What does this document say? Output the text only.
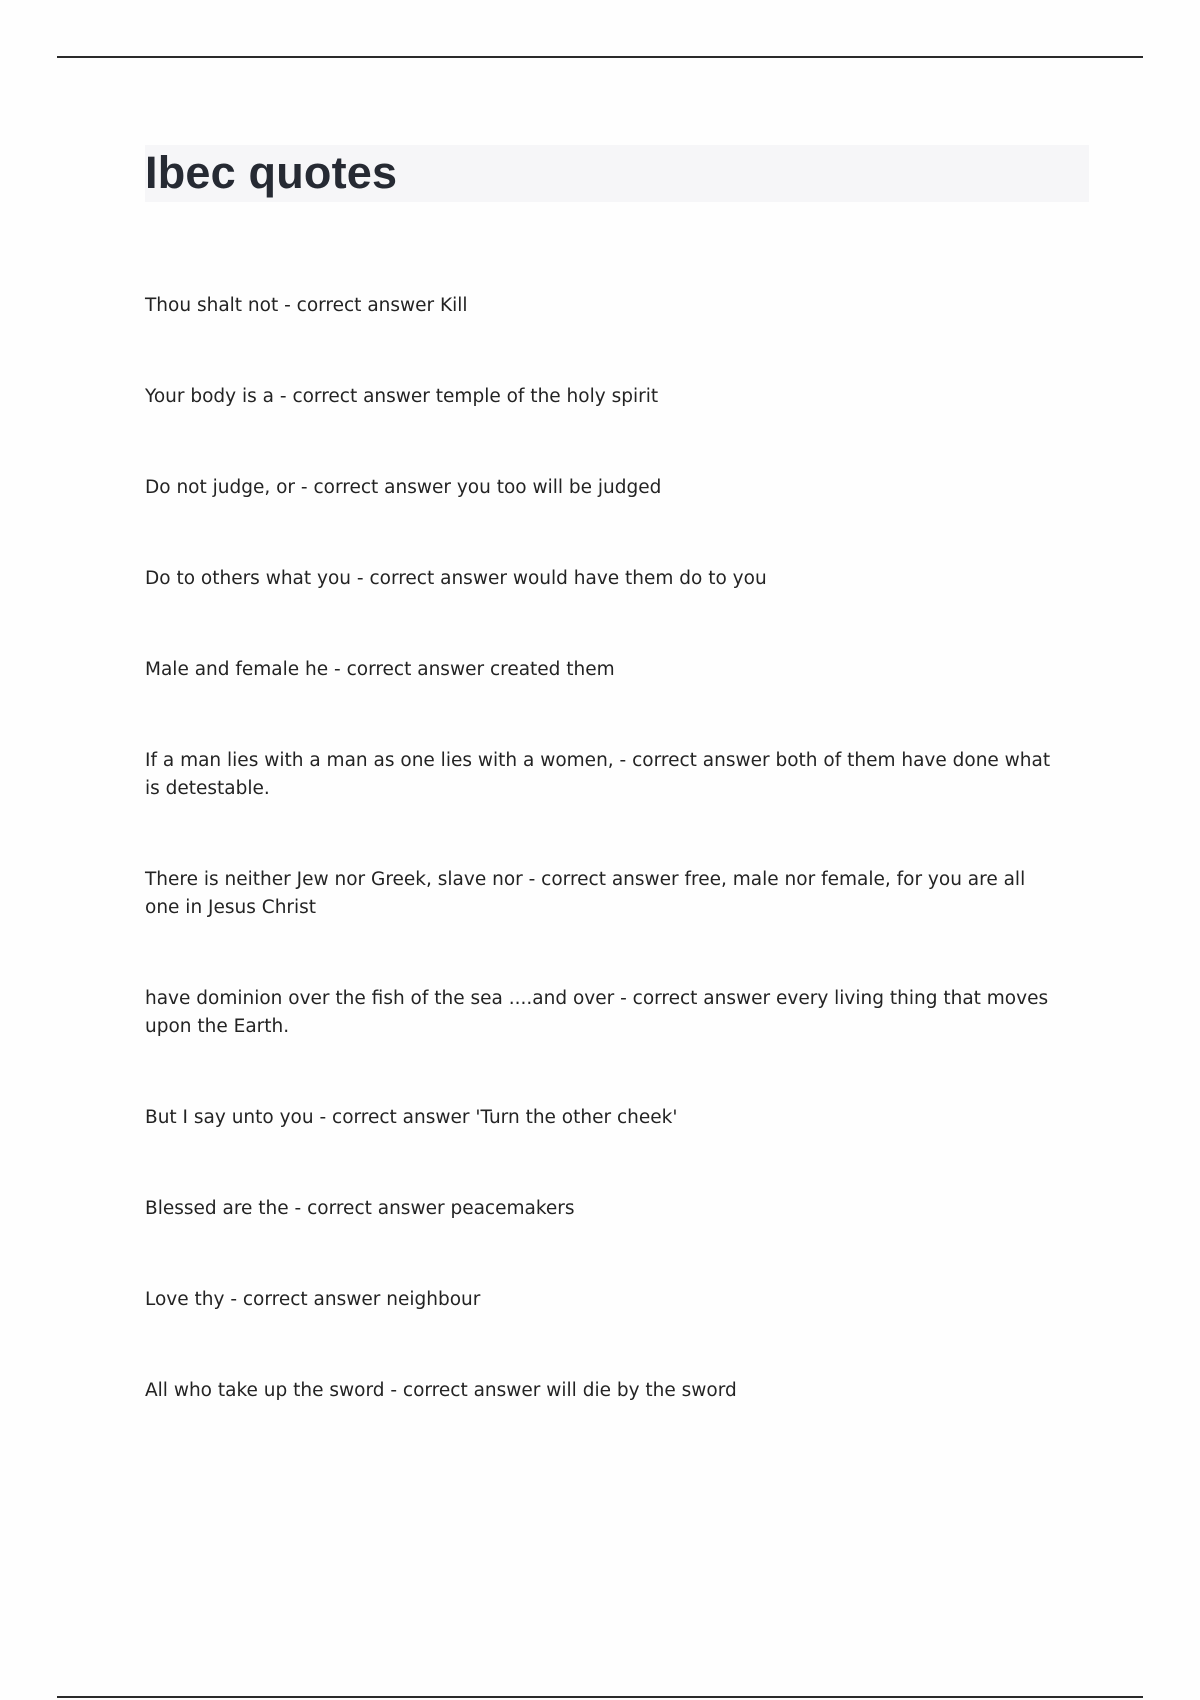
Ibec quotes
Thou shalt not - correct answer Kill
Your body is a - correct answer temple of the holy spirit
Do not judge, or - correct answer you too will be judged
Do to others what you - correct answer would have them do to you
Male and female he - correct answer created them
If a man lies with a man as one lies with a women, - correct answer both of them have done what is detestable.
There is neither Jew nor Greek, slave nor - correct answer free, male nor female, for you are all one in Jesus Christ
have dominion over the fish of the sea ....and over - correct answer every living thing that moves upon the Earth.
But I say unto you - correct answer 'Turn the other cheek'
Blessed are the - correct answer peacemakers
Love thy - correct answer neighbour
All who take up the sword - correct answer will die by the sword
